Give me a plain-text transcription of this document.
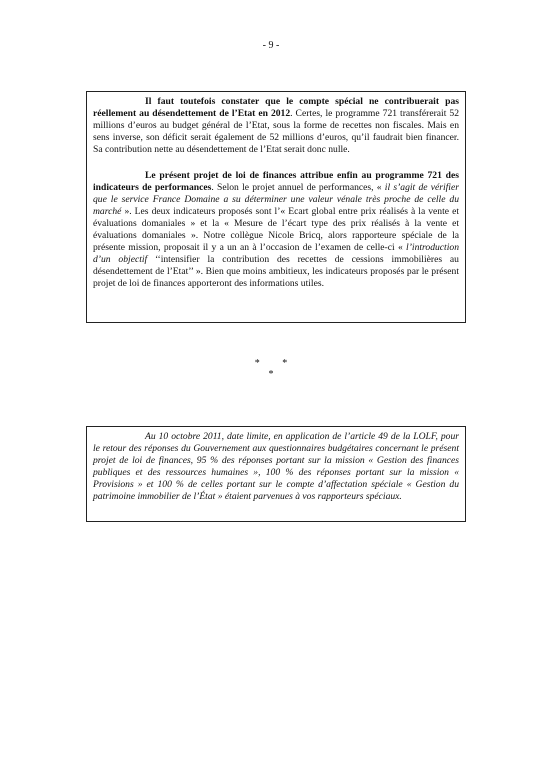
- 9 -

Il faut toutefois constater que le compte spécial ne contribuerait pas réellement au désendettement de l’Etat en 2012. Certes, le programme 721 transférerait 52 millions d’euros au budget général de l’Etat, sous la forme de recettes non fiscales. Mais en sens inverse, son déficit serait également de 52 millions d’euros, qu’il faudrait bien financer. Sa contribution nette au désendettement de l’Etat serait donc nulle.

Le présent projet de loi de finances attribue enfin au programme 721 des indicateurs de performances. Selon le projet annuel de performances, « il s’agit de vérifier que le service France Domaine a su déterminer une valeur vénale très proche de celle du marché ». Les deux indicateurs proposés sont l’« Ecart global entre prix réalisés à la vente et évaluations domaniales » et la « Mesure de l’écart type des prix réalisés à la vente et évaluations domaniales ». Notre collègue Nicole Bricq, alors rapporteure spéciale de la présente mission, proposait il y a un an à l’occasion de l’examen de celle-ci « l’introduction d’un objectif ‘‘intensifier la contribution des recettes de cessions immobilières au désendettement de l’Etat’’ ». Bien que moins ambitieux, les indicateurs proposés par le présent projet de loi de finances apporteront des informations utiles.

* *
*

Au 10 octobre 2011, date limite, en application de l’article 49 de la LOLF, pour le retour des réponses du Gouvernement aux questionnaires budgétaires concernant le présent projet de loi de finances, 95 % des réponses portant sur la mission « Gestion des finances publiques et des ressources humaines », 100 % des réponses portant sur la mission « Provisions » et 100 % de celles portant sur le compte d’affectation spéciale « Gestion du patrimoine immobilier de l’État » étaient parvenues à vos rapporteurs spéciaux.
